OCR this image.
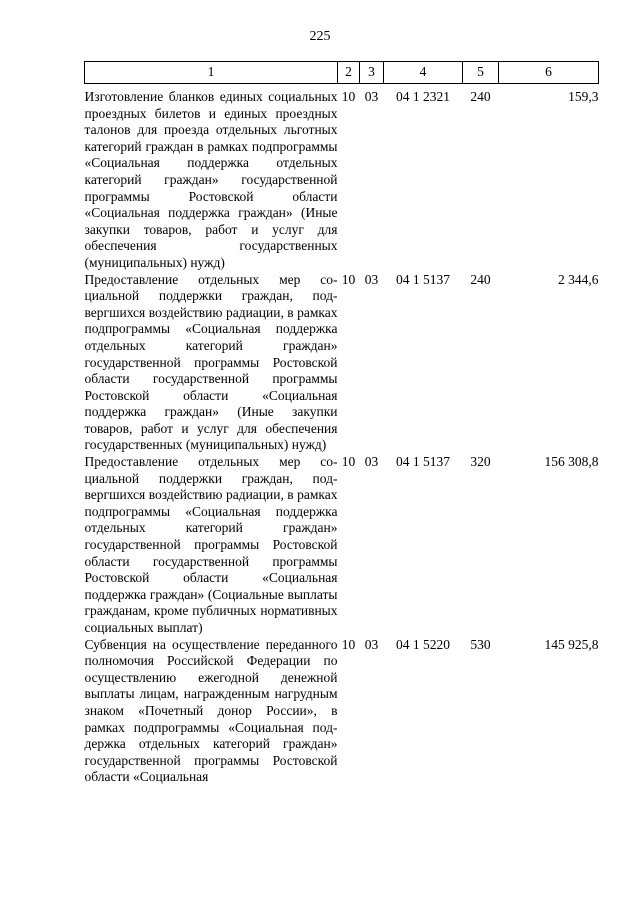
225
1	2	3	4	5	6
Изготовление бланков единых социальных проездных билетов и единых проездных талонов для проезда отдельных льготных категорий граждан в рамках подпрограммы «Социальная поддержка отдельных категорий граждан» государственной программы Ростовской области «Социальная поддержка граждан» (Иные закупки товаров, работ и услуг для обеспечения государственных (муниципальных) нужд)	10	03	04 1 2321	240	159,3
Предоставление отдельных мер социальной поддержки граждан, подвергшихся воздействию радиации, в рамках подпрограммы «Социальная поддержка отдельных категорий граждан» государственной программы Ростовской области государственной программы Ростовской области «Социальная поддержка граждан» (Иные закупки товаров, работ и услуг для обеспечения государственных (муниципальных) нужд)	10	03	04 1 5137	240	2 344,6
Предоставление отдельных мер социальной поддержки граждан, подвергшихся воздействию радиации, в рамках подпрограммы «Социальная поддержка отдельных категорий граждан» государственной программы Ростовской области государственной программы Ростовской области «Социальная поддержка граждан» (Социальные выплаты гражданам, кроме публичных нормативных социальных выплат)	10	03	04 1 5137	320	156 308,8
Субвенция на осуществление переданного полномочия Российской Федерации по осуществлению ежегодной денежной выплаты лицам, награжденным нагрудным знаком «Почетный донор России», в рамках подпрограммы «Социальная поддержка отдельных категорий граждан» государственной программы Ростовской области «Социальная	10	03	04 1 5220	530	145 925,8
